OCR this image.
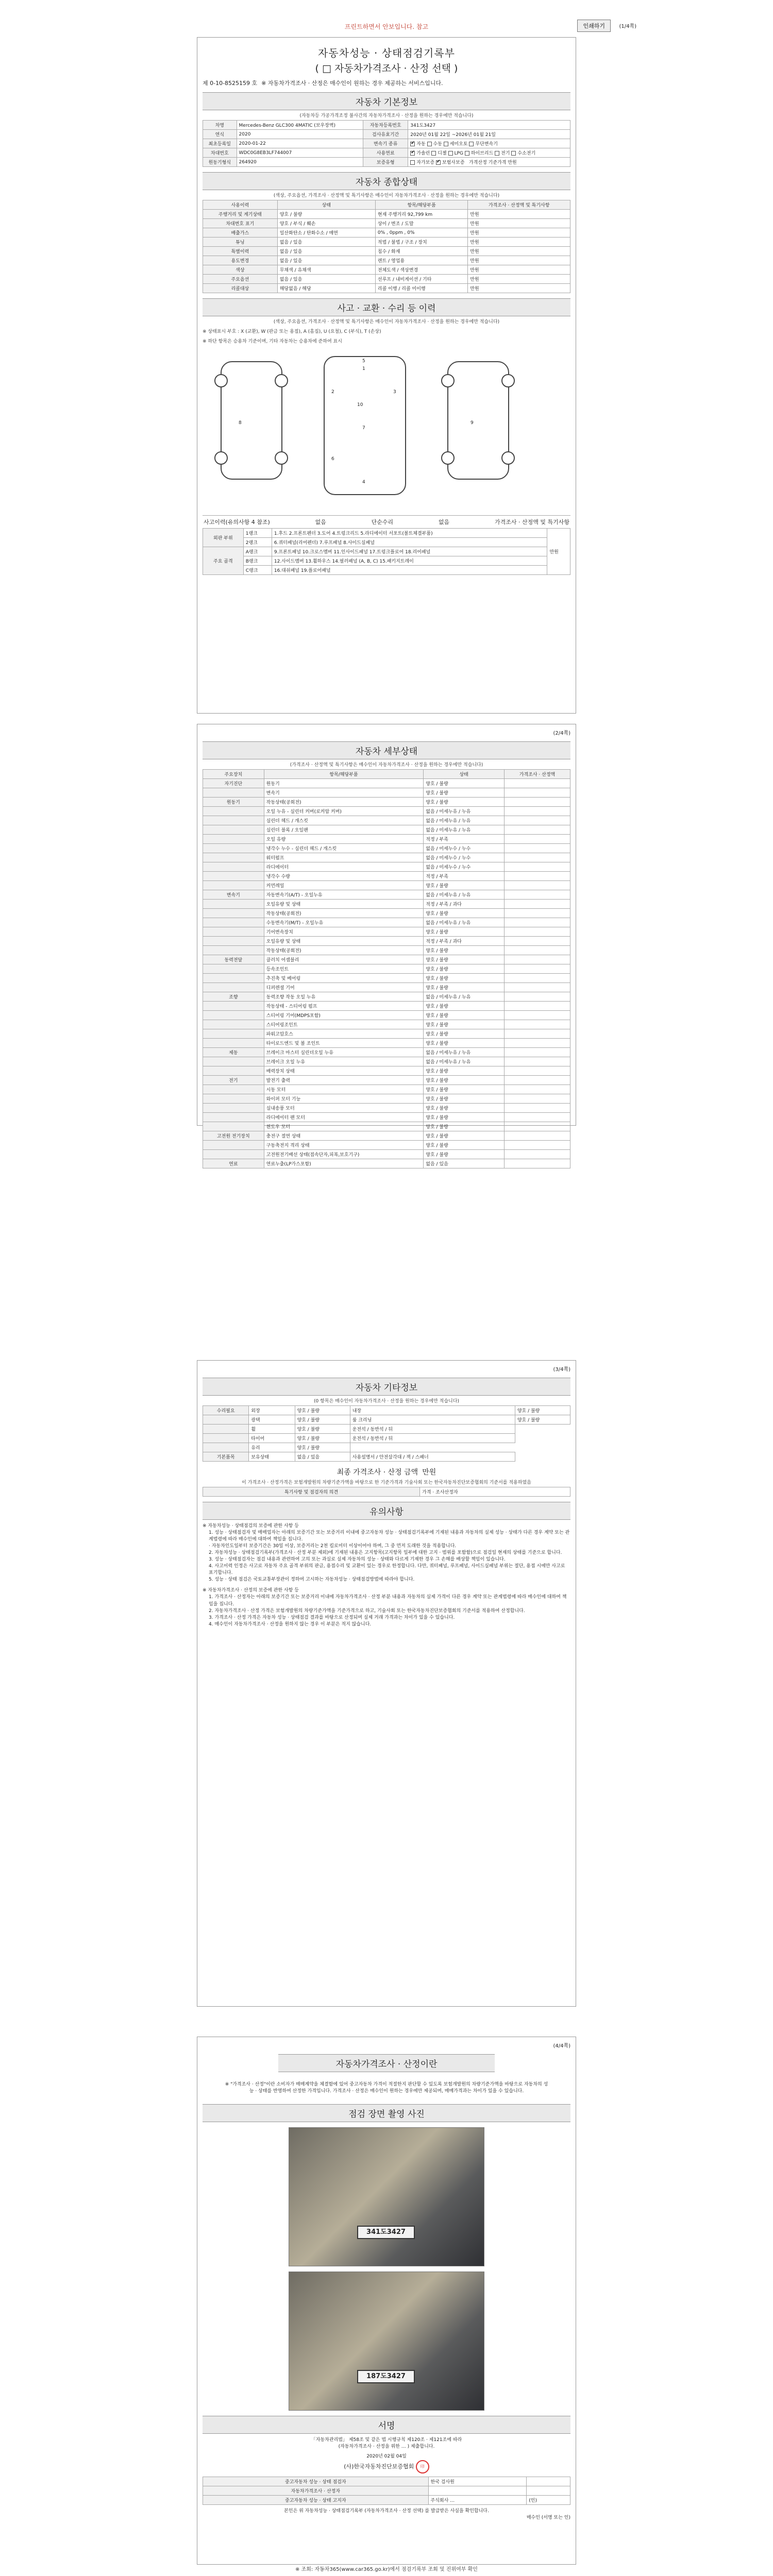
프린트하면서 안보입니다. 참고	인쇄하기	(1/4쪽)
자동차성능 · 상태점검기록부
( □ 자동차가격조사 · 산정 선택 )
제 0-10-8525159 호 ※ 자동차가격조사 · 산정은 매수인이 원하는 경우 제공하는 서비스입니다.
자동차 기본정보
(자동차등 가공가격조정 불사간의 자동차가격조사 · 산정을 원하는 경우에만 적습니다)
차명	Mercedes-Benz GLC300 4MATIC (보우장벽)	자동차등록번호	341도3427
연식	2020	검사유효기간	2020년 01월 22일 ~2026년 01월 21일
최초등록일	2020-01-22	변속기 종류	✔자동 수동 세미오토 무단변속기
차대번호	WDC0G8EB3LF744007	사용연료	✔가솔린 디젤 LPG 하이브리드 전기 수소전기
원동기형식	264920	보증유형	자가보증 ✔ 보험사보증 가격산정 기준가격 만원
자동차 종합상태
(색상, 주요옵션, 가격조사 · 산정액 및 특기사항은 매수인이 자동차가격조사 · 산정을 원하는 경우에만 적습니다)
사용이력	상태	항목/해당부품	가격조사 · 산정액 및 특기사항
주행거리 및 계기상태	양호 / 불량	현재 주행거리 92,799 km	만원
차대번호 표기	양호 / 부식 / 훼손	상이 / 변조 / 도말	만원
배출가스	일산화탄소 / 탄화수소 / 매연	0% , 0ppm , 0%	만원
튜닝	없음 / 있음	적법 / 불법 / 구조 / 장치	만원
특별이력	없음 / 있음	침수 / 화재	만원
용도변경	없음 / 있음	렌트 / 영업용	만원
색상	무채색 / 유채색	전체도색 / 색상변경	만원
주요옵션	없음 / 있음	선루프 / 내비게이션 / 기타	만원
리콜대상	해당없음 / 해당	리콜 이행 / 리콜 미이행	만원
사고 · 교환 · 수리 등 이력
(색상, 주요옵션, 가격조사 · 산정액 및 특기사항은 매수인이 자동차가격조사 · 산정을 원하는 경우에만 적습니다)
※ 상태표시 부호 : X (교환), W (판금 또는 용접), A (흠집), U (요철), C (부식), T (손상)
※ 하단 항목은 승용차 기준이며, 기타 자동차는 승용차에 준하여 표시
1
2	3
4
5
6
7
8	9
10
사고이력(유의사항 4 참조)	없음	단순수리	없음	가격조사 · 산정액 및 특기사항
외판 부위	1랭크	1.후드 2.프론트펜더 3.도어 4.트렁크리드 5.라디에이터 서포트(볼트체결부품)	만원
	2랭크	6.쿼터패널(리어펜더) 7.루프패널 8.사이드실패널	
주요 골격	A랭크	9.프론트패널 10.크로스멤버 11.인사이드패널 17.트렁크플로어 18.리어패널	
	B랭크	12.사이드멤버 13.휠하우스 14.필러패널 (A, B, C) 15.패키지트레이	
	C랭크	16.대쉬패널 19.플로어패널	
(2/4쪽)
자동차 세부상태
(가격조사 · 산정액 및 특기사항은 매수인이 자동차가격조사 · 산정을 원하는 경우에만 적습니다)
주요장치	항목/해당부품	상태	가격조사 · 산정액
자기진단	원동기	양호 / 불량	
	변속기	양호 / 불량	
원동기	작동상태(공회전)	양호 / 불량	
	오일 누유 - 실린더 커버(로커암 커버)	없음 / 미세누유 / 누유	
	실린더 헤드 / 개스킷	없음 / 미세누유 / 누유	
	실린더 블록 / 오일팬	없음 / 미세누유 / 누유	
	오일 유량	적정 / 부족	
	냉각수 누수 - 실린더 헤드 / 개스킷	없음 / 미세누수 / 누수	
	워터펌프	없음 / 미세누수 / 누수	
	라디에이터	없음 / 미세누수 / 누수	
	냉각수 수량	적정 / 부족	
	커먼레일	양호 / 불량	
변속기	자동변속기(A/T) - 오일누유	없음 / 미세누유 / 누유	
	오일유량 및 상태	적정 / 부족 / 과다	
	작동상태(공회전)	양호 / 불량	
	수동변속기(M/T) - 오일누유	없음 / 미세누유 / 누유	
	기어변속장치	양호 / 불량	
	오일유량 및 상태	적정 / 부족 / 과다	
	작동상태(공회전)	양호 / 불량	
동력전달	클러치 어셈블리	양호 / 불량	
	등속조인트	양호 / 불량	
	추진축 및 베어링	양호 / 불량	
	디퍼렌셜 기어	양호 / 불량	
조향	동력조향 작동 오일 누유	없음 / 미세누유 / 누유	
	작동상태 - 스티어링 펌프	양호 / 불량	
	스티어링 기어(MDPS포함)	양호 / 불량	
	스티어링조인트	양호 / 불량	
	파워고압호스	양호 / 불량	
	타이로드엔드 및 볼 조인트	양호 / 불량	
제동	브레이크 마스터 실린더오일 누유	없음 / 미세누유 / 누유	
	브레이크 오일 누유	없음 / 미세누유 / 누유	
	배력장치 상태	양호 / 불량	
전기	발전기 출력	양호 / 불량	
	시동 모터	양호 / 불량	
	와이퍼 모터 기능	양호 / 불량	
	실내송풍 모터	양호 / 불량	
	라디에이터 팬 모터	양호 / 불량	
	윈도우 모터	양호 / 불량	
고전원 전기장치	충전구 절연 상태	양호 / 불량	
	구동축전지 격리 상태	양호 / 불량	
	고전원전기배선 상태(접속단자,피복,보호기구)	양호 / 불량	
연료	연료누출(LP가스포함)	없음 / 있음	
(3/4쪽)
자동차 기타정보
(0 항목은 매수인이 자동차가격조사 · 산정을 원하는 경우에만 적습니다)
수리필요	외장	양호 / 불량	내장	양호 / 불량
	광택	양호 / 불량	룸 크리닝	양호 / 불량
	휠	양호 / 불량	운전석 / 동반석 / 뒤	
	타이어	양호 / 불량	운전석 / 동반석 / 뒤	
	유리	양호 / 불량		
기본품목	보유상태	없음 / 있음	사용설명서 / 안전삼각대 / 잭 / 스패너	
최종 가격조사 · 산정 금액 만원
이 가격조사 · 산정가격은 보험개발원의 차량기준가액을 바탕으로 한 기준가격과 기술사회 또는 한국자동차진단보증협회의 기준서를 적용하였음
특기사항 및 점검자의 의견	가격 · 조사산정자
유의사항
※ 자동차성능 · 상태점검의 보증에 관한 사항 등
1. 성능 · 상태점검자 및 매매업자는 아래의 보증기간 또는 보증거리 이내에 중고자동차 성능 · 상태점검기록부에 기재된 내용과 자동차의 실제 성능 · 상태가 다른 경우 계약 또는 관계법령에 따라 매수인에 대하여 책임을 집니다.
· 자동차인도일부터 보증기간은 30일 이상, 보증거리는 2천 킬로미터 이상이어야 하며, 그 중 먼저 도래한 것을 적용합니다.
2. 자동차성능 · 상태점검기록부(가격조사 · 산정 부분 제외)에 기재된 내용은 고지항목(고지항목 일부에 대한 고지 · 범위를 포함함)으로 점검일 현재의 상태를 기준으로 합니다.
3. 성능 · 상태점검자는 점검 내용과 관련하여 고의 또는 과실로 실제 자동차의 성능 · 상태와 다르게 기재한 경우 그 손해를 배상할 책임이 있습니다.
4. 사고이력 인정은 사고로 자동차 주요 골격 부위의 판금, 용접수리 및 교환이 있는 경우로 한정합니다. 다만, 쿼터패널, 루프패널, 사이드실패널 부위는 절단, 용접 시에만 사고로 표기합니다.
5. 성능 · 상태 점검은 국토교통부장관이 정하여 고시하는 자동차성능 · 상태점검방법에 따라야 합니다.
※ 자동차가격조사 · 산정의 보증에 관한 사항 등
1. 가격조사 · 산정자는 아래의 보증기간 또는 보증거리 이내에 자동차가격조사 · 산정 부분 내용과 자동차의 실제 가격이 다른 경우 계약 또는 관계법령에 따라 매수인에 대하여 책임을 집니다.
2. 자동차가격조사 · 산정 가격은 보험개발원의 차량기준가액을 기준가격으로 하고, 기술사회 또는 한국자동차진단보증협회의 기준서를 적용하여 산정합니다.
3. 가격조사 · 산정 가격은 자동차 성능 · 상태점검 결과를 바탕으로 산정되며 실제 거래 가격과는 차이가 있을 수 있습니다.
4. 매수인이 자동차가격조사 · 산정을 원하지 않는 경우 이 부분은 적지 않습니다.
(4/4쪽)
자동차가격조사 · 산정이란
※ "가격조사 · 산정"이란 소비자가 매매계약을 체결함에 있어 중고자동차 가격이 적절한지 판단할 수 있도록 보험개발원의 차량기준가액을 바탕으로 자동차의 성능 · 상태를 반영하여 산정한 가격입니다. 가격조사 · 산정은 매수인이 원하는 경우에만 제공되며, 매매가격과는 차이가 있을 수 있습니다.
점검 장면 촬영 사진
341도3427
187도3427
서명
「자동차관리법」 제58조 및 같은 법 시행규칙 제120조 · 제121조에 따라
(자동차가격조사 · 산정을 위한 … ) 제출합니다.
2020년 02월 04일
(사)한국자동차진단보증협회 印
중고자동차 성능 · 상태 점검자	한국 검사원	
자동차가격조사 · 산정자		
중고자동차 성능 · 상태 고지자	주식회사 …	(인)
본인은 위 자동차성능 · 상태점검기록부 (자동차가격조사 · 산정 선택) 를 발급받은 사실을 확인합니다.
매수인 (서명 또는 인)
※ 조회: 자동차365(www.car365.go.kr)에서 점검기록부 조회 및 진위여부 확인
